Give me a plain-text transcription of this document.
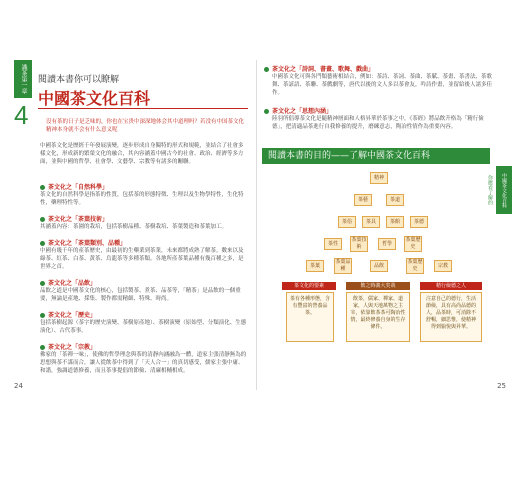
識茶第一章
4
閱讀本書你可以瞭解
中國茶文化百科
沒有茶的日子是乏味的，你也在宝贵中深深地体会其中道理吗？若没有中国茶文化精神本身就不会有什么意义呢
中國茶文化是歷經千年發展演變，逐步形成自身獨特的形式和規範，並結合了社會多樣文化，形成新的繁榮文化的融合，其內容涵蓋中國古今的社會、政治、經濟等多方面，並與中國的哲學、社會學、文藝學、宗教等有諸多的關聯。
茶文化之「自然科學」
茶文化的自然科學是指茶的性質，包括茶的形態特徵、生理以及生物學特性，生化特性，藥理特性等。
茶文化之「茶葉技術」
其涵蓋內容：茶園的栽培，包括茶樹品種、茶樹栽培、茶葉製造和茶葉加工。
茶文化之「茶葉類別、品種」
中國有幾千年的產茶歷史，由最初的生藥業到茶業，未來都將成熟了解茶。數來以及綠茶、紅茶、白茶、黃茶、烏龍茶等多種茶類。各地所產茶葉品種有幾百種之多，是世界之首。
茶文化之「品飲」
品飲之道是中國茶文化的核心，包括製茶、煮茶、品茶等，「精茶」是品飲的一個重要，無論是產地、採集、製作都需精細、特殊、時尚。
茶文化之「歷史」
包括茶樹起源（茶字的歷史演變、茶樹原產地）、茶樹演變（原始型、分類演化、生態演化）、古代茶事。
茶文化之「宗教」
佛家的「茶禪一味」，使佛的哲學理念與茶的清靜內涵融為一體，道家主張清靜無為的思想與茶不謀而合，讓人從飲茶中得到了「天人合一」的真切感受，儒家主張中庸、和諧，強調道德修養，而且茶事提倡的節儉、清廉相輔相成。
24
茶文化之「詩詞、書畫、歌舞、戲曲」
中國茶文化可與各門類藝術相結合，例如：茶詩、茶詞、茶曲、茶賦、茶畫、茶書法、茶歌舞、茶諺語、茶聯、茶戲劇等，唐代以後的文人多以茶會友，吟詩作畫，並留給後人諸多佳作。
茶文化之「思想內涵」
陸羽所倡導茶文化是隨精神層面和人格昇華於茶事之中，《茶經》將品飲升格為「精行儉德」，把清適品茶進行自我修養的提升，磨練意志，陶冶性情作為重要內容。
閱讀本書的目的——了解中國茶文化百科
中國茶文化百科
你應看了解的
精神
茶藝	茶道
茶俗	茶具	茶館	茶德
茶性
茶葉技術	哲學
茶葉歷史
茶葉
茶葉品種	品飲
茶葉歷史	宗教
茶文化的要素	飲之時義大矣哉	精行儉德之人
茶有各種形態，含有豐富的營養品茶。
飲茶，儒家、禪家、道家，人與天地萬物之主宰，依靠飲茶茶可陶冶性情，最終修養自身的生存條件。
注意自己的德行，生活節儉，具有高尚品德的人，品茶時，可消除不舒暢，細思惟，使精神得到愉悅與昇華。
25
